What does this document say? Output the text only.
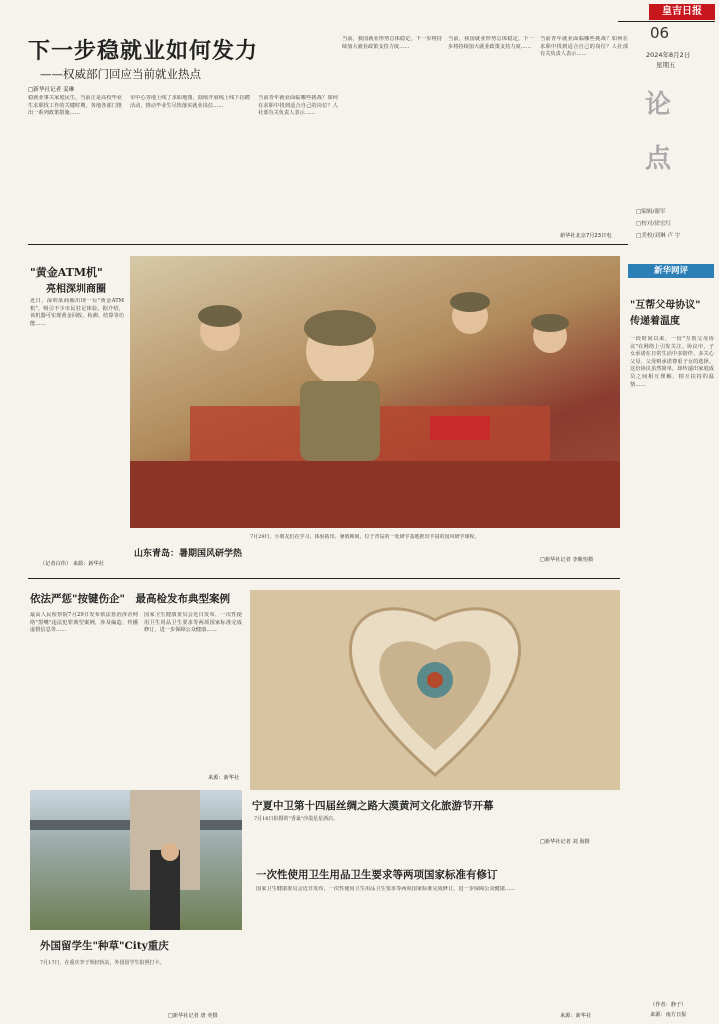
皇吉日报
06
2024年8月2日
星期五
论点
□编辑/谢军
□校对/徐宏红
□美校/刘琳 卢 宇
下一步稳就业如何发力
——权威部门回应当前就业热点
□新华社记者 姜琳
稳就业事关家庭民生，当前正是高校毕业生求职找工作的关键时期，各地各部门推出一系列政策措施……
市中心等地上线了求职地图，陆续开展线上线下招聘活动，推动毕业生尽快落实就业岗位……
当前青年就业面临哪些挑战？如何在求职中找到适合自己的岗位？人社部有关负责人表示……
当前，我国就业形势总体稳定，下一步将持续加大就业政策支持力度……
当前，我国就业形势总体稳定，下一步将持续加大就业政策支持力度……
当前青年就业面临哪些挑战？如何在求职中找到适合自己的岗位？人社部有关负责人表示……
新华社北京7月23日电
"黄金ATM机"
亮相深圳商圈
近日，深圳某商圈出现一台"黄金ATM机"，吸引不少市民驻足体验。据介绍，该机器可实现黄金回收、检测、结算等功能……
（记者白伟） 来源：新华社
山东青岛：暑期国风研学热
7月29日，小朋友们在学习、体验拓印。暑假期间，位于青岛的一处研学基地推出丰富的国风研学课程。
□新华社记者 李紫恒摄
依法严惩"按键伤企"　最高检发布典型案例
最高人民检察院7月29日发布依法惩治涉企网络"黑嘴"违法犯罪典型案例，涉及编造、传播虚假信息等……
国家卫生健康委员会近日发布，一次性使用卫生用品卫生要求等两项国家标准完成修订，进一步保障公众健康……
来源：新华社
宁夏中卫第十四届丝绸之路大漠黄河文化旅游节开幕
7月16日拍摄的"香巢"沙漠星星酒店。
□新华社记者 刘 海摄
外国留学生"种草"City重庆
7月17日，在重庆李子坝轻轨站，外国留学生拍照打卡。
□新华社记者 唐 奕摄
一次性使用卫生用品卫生要求等两项国家标准有修订
国家卫生健康委员会近日发布，一次性使用卫生用品卫生要求等两项国家标准完成修订，进一步保障公众健康……
来源：新华社
新华网评
"互帮父母协议"
传递着温度
一段时间以来，一份"互帮父母协议"在网络上引发关注。协议中，子女承诺在日常生活中多陪伴、多关心父母，父母则承诺尊重子女的选择。这份协议虽然简单，却传递出家庭成员之间相互理解、相互扶持的温情……
（作者：静子）
来源：南方日报
